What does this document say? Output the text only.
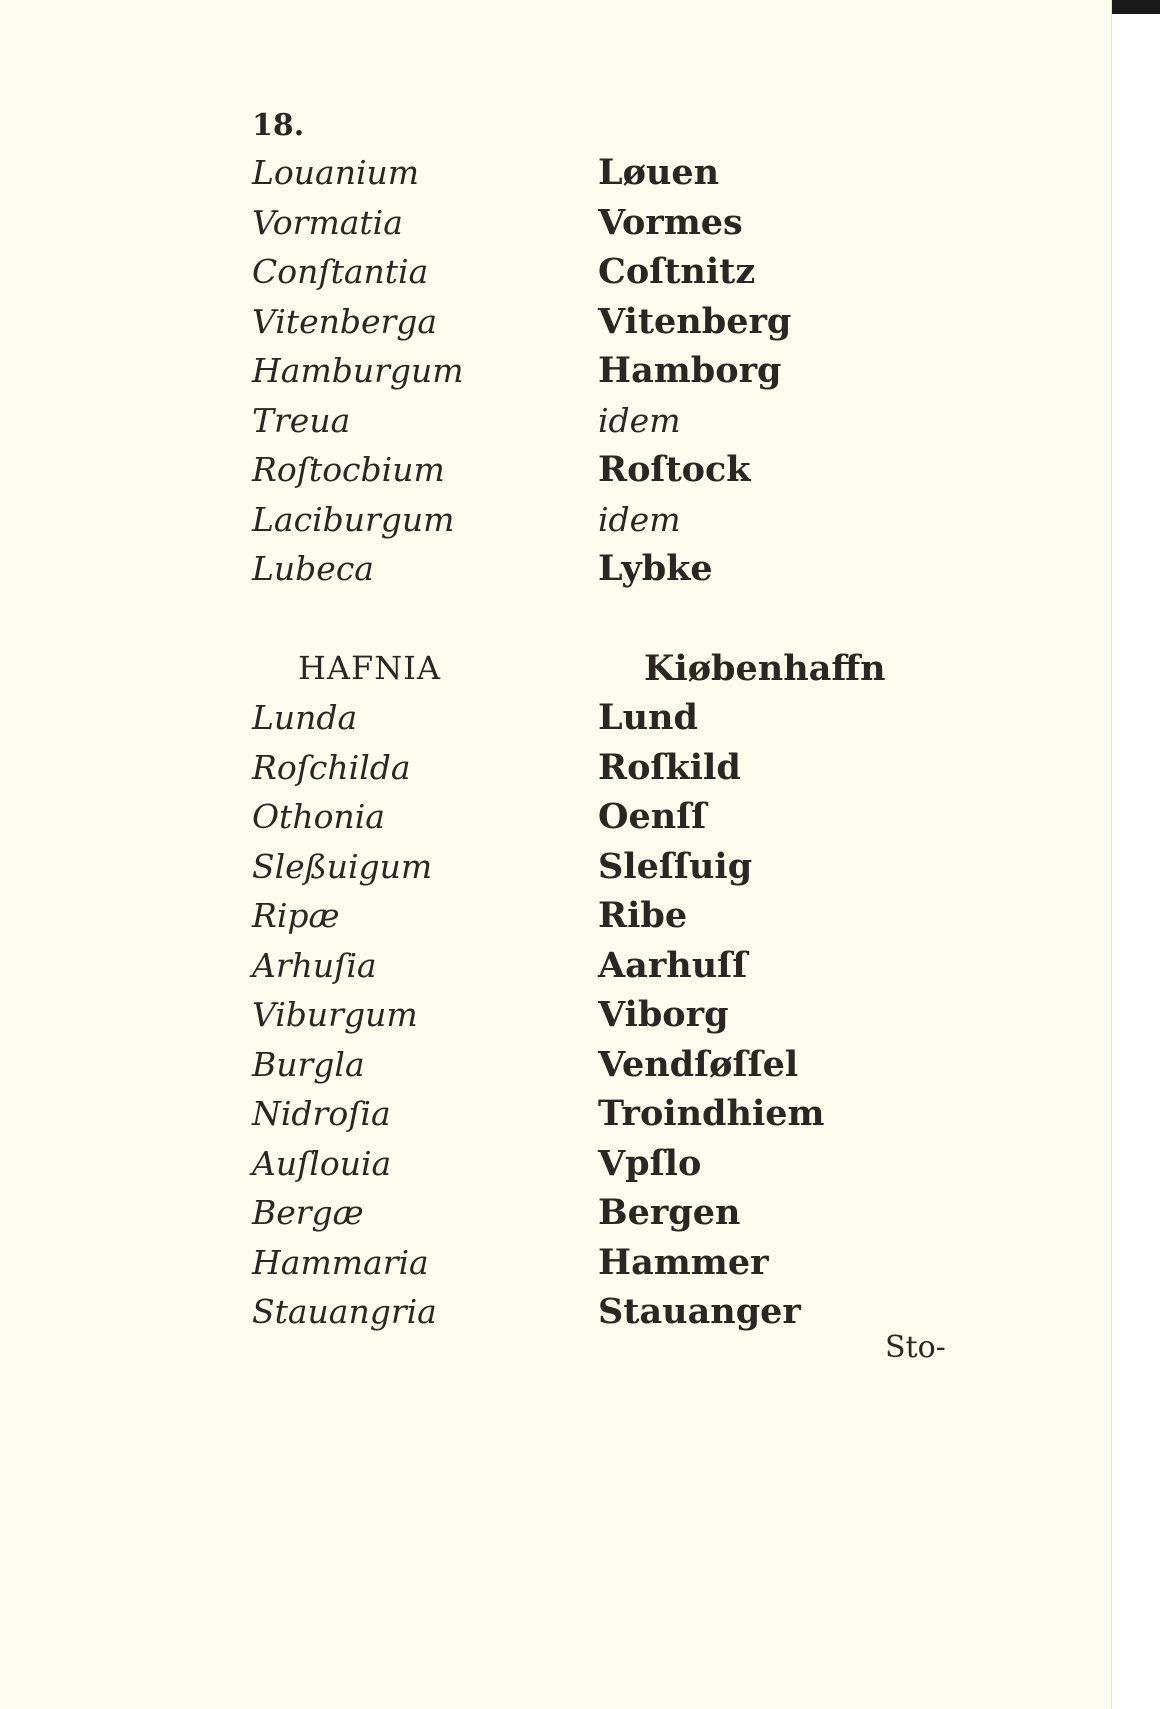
18.

Louanium
Vormatia
Conſtantia
Vitenberga
Hamburgum
Treua
Roſtocbium
Laciburgum
Lubeca
HAFNIA
Lunda
Roſchilda
Othonia
Sleßuigum
Ripæ
Arhuſia
Viburgum
Burgla
Nidroſia
Auſlouia
Bergæ
Hammaria
Stauangria
Løuen
Vormes
Coſtnitz
Vitenberg
Hamborg
idem
Roſtock
idem
Lybke
Kiøbenhaffn
Lund
Roſkild
Oenſſ
Sleſſuig
Ribe
Aarhuſſ
Viborg
Vendſøſſel
Troindhiem
Vpſlo
Bergen
Hammer
Stauanger

Sto-
